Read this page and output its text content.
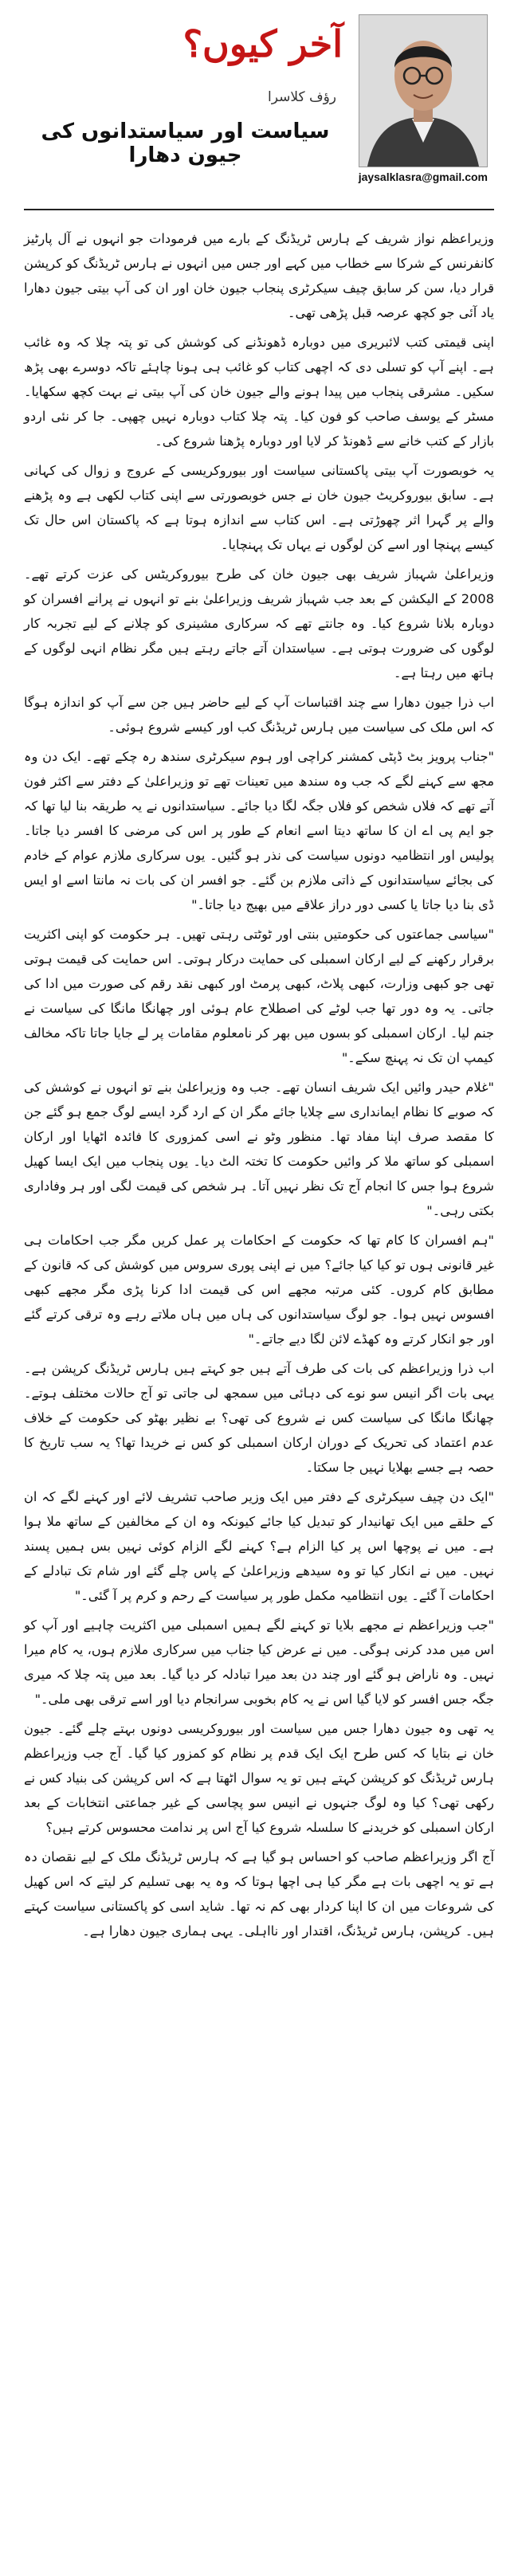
آخر کیوں؟
رؤف کلاسرا
سیاست اور سیاستدانوں کی جیون دھارا
jaysalklasra@gmail.com

وزیراعظم نواز شریف کے ہارس ٹریڈنگ کے بارے میں فرمودات جو انہوں نے آل پارٹیز کانفرنس کے شرکا سے خطاب میں کہے اور جس میں انہوں نے ہارس ٹریڈنگ کو کرپشن قرار دیا، سن کر سابق چیف سیکرٹری پنجاب جیون خان اور ان کی آپ بیتی جیون دھارا یاد آئی جو کچھ عرصہ قبل پڑھی تھی۔

اپنی قیمتی کتب لائبریری میں دوبارہ ڈھونڈنے کی کوشش کی تو پتہ چلا کہ وہ غائب ہے۔ اپنے آپ کو تسلی دی کہ اچھی کتاب کو غائب ہی ہونا چاہئے تاکہ دوسرے بھی پڑھ سکیں۔ مشرقی پنجاب میں پیدا ہونے والے جیون خان کی آپ بیتی نے بہت کچھ سکھایا۔ مسٹر کے یوسف صاحب کو فون کیا۔ پتہ چلا کتاب دوبارہ نہیں چھپی۔ جا کر نئی اردو بازار کے کتب خانے سے ڈھونڈ کر لایا اور دوبارہ پڑھنا شروع کی۔

یہ خوبصورت آپ بیتی پاکستانی سیاست اور بیوروکریسی کے عروج و زوال کی کہانی ہے۔ سابق بیوروکریٹ جیون خان نے جس خوبصورتی سے اپنی کتاب لکھی ہے وہ پڑھنے والے پر گہرا اثر چھوڑتی ہے۔ اس کتاب سے اندازہ ہوتا ہے کہ پاکستان اس حال تک کیسے پہنچا اور اسے کن لوگوں نے یہاں تک پہنچایا۔

وزیراعلیٰ شہباز شریف بھی جیون خان کی طرح بیوروکریٹس کی عزت کرتے تھے۔ 2008 کے الیکشن کے بعد جب شہباز شریف وزیراعلیٰ بنے تو انہوں نے پرانے افسران کو دوبارہ بلانا شروع کیا۔ وہ جانتے تھے کہ سرکاری مشینری کو چلانے کے لیے تجربہ کار لوگوں کی ضرورت ہوتی ہے۔ سیاستدان آتے جاتے رہتے ہیں مگر نظام انہی لوگوں کے ہاتھ میں رہتا ہے۔

اب ذرا جیون دھارا سے چند اقتباسات آپ کے لیے حاضر ہیں جن سے آپ کو اندازہ ہوگا کہ اس ملک کی سیاست میں ہارس ٹریڈنگ کب اور کیسے شروع ہوئی۔

"جناب پرویز بٹ ڈپٹی کمشنر کراچی اور ہوم سیکرٹری سندھ رہ چکے تھے۔ ایک دن وہ مجھ سے کہنے لگے کہ جب وہ سندھ میں تعینات تھے تو وزیراعلیٰ کے دفتر سے اکثر فون آتے تھے کہ فلاں شخص کو فلاں جگہ لگا دیا جائے۔ سیاستدانوں نے یہ طریقہ بنا لیا تھا کہ جو ایم پی اے ان کا ساتھ دیتا اسے انعام کے طور پر اس کی مرضی کا افسر دیا جاتا۔ پولیس اور انتظامیہ دونوں سیاست کی نذر ہو گئیں۔ یوں سرکاری ملازم عوام کے خادم کی بجائے سیاستدانوں کے ذاتی ملازم بن گئے۔ جو افسر ان کی بات نہ مانتا اسے او ایس ڈی بنا دیا جاتا یا کسی دور دراز علاقے میں بھیج دیا جاتا۔"

"سیاسی جماعتوں کی حکومتیں بنتی اور ٹوٹتی رہتی تھیں۔ ہر حکومت کو اپنی اکثریت برقرار رکھنے کے لیے ارکان اسمبلی کی حمایت درکار ہوتی۔ اس حمایت کی قیمت ہوتی تھی جو کبھی وزارت، کبھی پلاٹ، کبھی پرمٹ اور کبھی نقد رقم کی صورت میں ادا کی جاتی۔ یہ وہ دور تھا جب لوٹے کی اصطلاح عام ہوئی اور چھانگا مانگا کی سیاست نے جنم لیا۔ ارکان اسمبلی کو بسوں میں بھر کر نامعلوم مقامات پر لے جایا جاتا تاکہ مخالف کیمپ ان تک نہ پہنچ سکے۔"

"غلام حیدر وائیں ایک شریف انسان تھے۔ جب وہ وزیراعلیٰ بنے تو انہوں نے کوشش کی کہ صوبے کا نظام ایمانداری سے چلایا جائے مگر ان کے ارد گرد ایسے لوگ جمع ہو گئے جن کا مقصد صرف اپنا مفاد تھا۔ منظور وٹو نے اسی کمزوری کا فائدہ اٹھایا اور ارکان اسمبلی کو ساتھ ملا کر وائیں حکومت کا تختہ الٹ دیا۔ یوں پنجاب میں ایک ایسا کھیل شروع ہوا جس کا انجام آج تک نظر نہیں آتا۔ ہر شخص کی قیمت لگی اور ہر وفاداری بکتی رہی۔"

"ہم افسران کا کام تھا کہ حکومت کے احکامات پر عمل کریں مگر جب احکامات ہی غیر قانونی ہوں تو کیا کیا جائے؟ میں نے اپنی پوری سروس میں کوشش کی کہ قانون کے مطابق کام کروں۔ کئی مرتبہ مجھے اس کی قیمت ادا کرنا پڑی مگر مجھے کبھی افسوس نہیں ہوا۔ جو لوگ سیاستدانوں کی ہاں میں ہاں ملاتے رہے وہ ترقی کرتے گئے اور جو انکار کرتے وہ کھڈے لائن لگا دیے جاتے۔"

اب ذرا وزیراعظم کی بات کی طرف آتے ہیں جو کہتے ہیں ہارس ٹریڈنگ کرپشن ہے۔ یہی بات اگر انیس سو نوے کی دہائی میں سمجھ لی جاتی تو آج حالات مختلف ہوتے۔ چھانگا مانگا کی سیاست کس نے شروع کی تھی؟ بے نظیر بھٹو کی حکومت کے خلاف عدم اعتماد کی تحریک کے دوران ارکان اسمبلی کو کس نے خریدا تھا؟ یہ سب تاریخ کا حصہ ہے جسے بھلایا نہیں جا سکتا۔

"ایک دن چیف سیکرٹری کے دفتر میں ایک وزیر صاحب تشریف لائے اور کہنے لگے کہ ان کے حلقے میں ایک تھانیدار کو تبدیل کیا جائے کیونکہ وہ ان کے مخالفین کے ساتھ ملا ہوا ہے۔ میں نے پوچھا اس پر کیا الزام ہے؟ کہنے لگے الزام کوئی نہیں بس ہمیں پسند نہیں۔ میں نے انکار کیا تو وہ سیدھے وزیراعلیٰ کے پاس چلے گئے اور شام تک تبادلے کے احکامات آ گئے۔ یوں انتظامیہ مکمل طور پر سیاست کے رحم و کرم پر آ گئی۔"

"جب وزیراعظم نے مجھے بلایا تو کہنے لگے ہمیں اسمبلی میں اکثریت چاہیے اور آپ کو اس میں مدد کرنی ہوگی۔ میں نے عرض کیا جناب میں سرکاری ملازم ہوں، یہ کام میرا نہیں۔ وہ ناراض ہو گئے اور چند دن بعد میرا تبادلہ کر دیا گیا۔ بعد میں پتہ چلا کہ میری جگہ جس افسر کو لایا گیا اس نے یہ کام بخوبی سرانجام دیا اور اسے ترقی بھی ملی۔"

یہ تھی وہ جیون دھارا جس میں سیاست اور بیوروکریسی دونوں بہتے چلے گئے۔ جیون خان نے بتایا کہ کس طرح ایک ایک قدم پر نظام کو کمزور کیا گیا۔ آج جب وزیراعظم ہارس ٹریڈنگ کو کرپشن کہتے ہیں تو یہ سوال اٹھتا ہے کہ اس کرپشن کی بنیاد کس نے رکھی تھی؟ کیا وہ لوگ جنہوں نے انیس سو پچاسی کے غیر جماعتی انتخابات کے بعد ارکان اسمبلی کو خریدنے کا سلسلہ شروع کیا آج اس پر ندامت محسوس کرتے ہیں؟

آج اگر وزیراعظم صاحب کو احساس ہو گیا ہے کہ ہارس ٹریڈنگ ملک کے لیے نقصان دہ ہے تو یہ اچھی بات ہے مگر کیا ہی اچھا ہوتا کہ وہ یہ بھی تسلیم کر لیتے کہ اس کھیل کی شروعات میں ان کا اپنا کردار بھی کم نہ تھا۔ شاید اسی کو پاکستانی سیاست کہتے ہیں۔ کرپشن، ہارس ٹریڈنگ، اقتدار اور نااہلی۔ یہی ہماری جیون دھارا ہے۔
